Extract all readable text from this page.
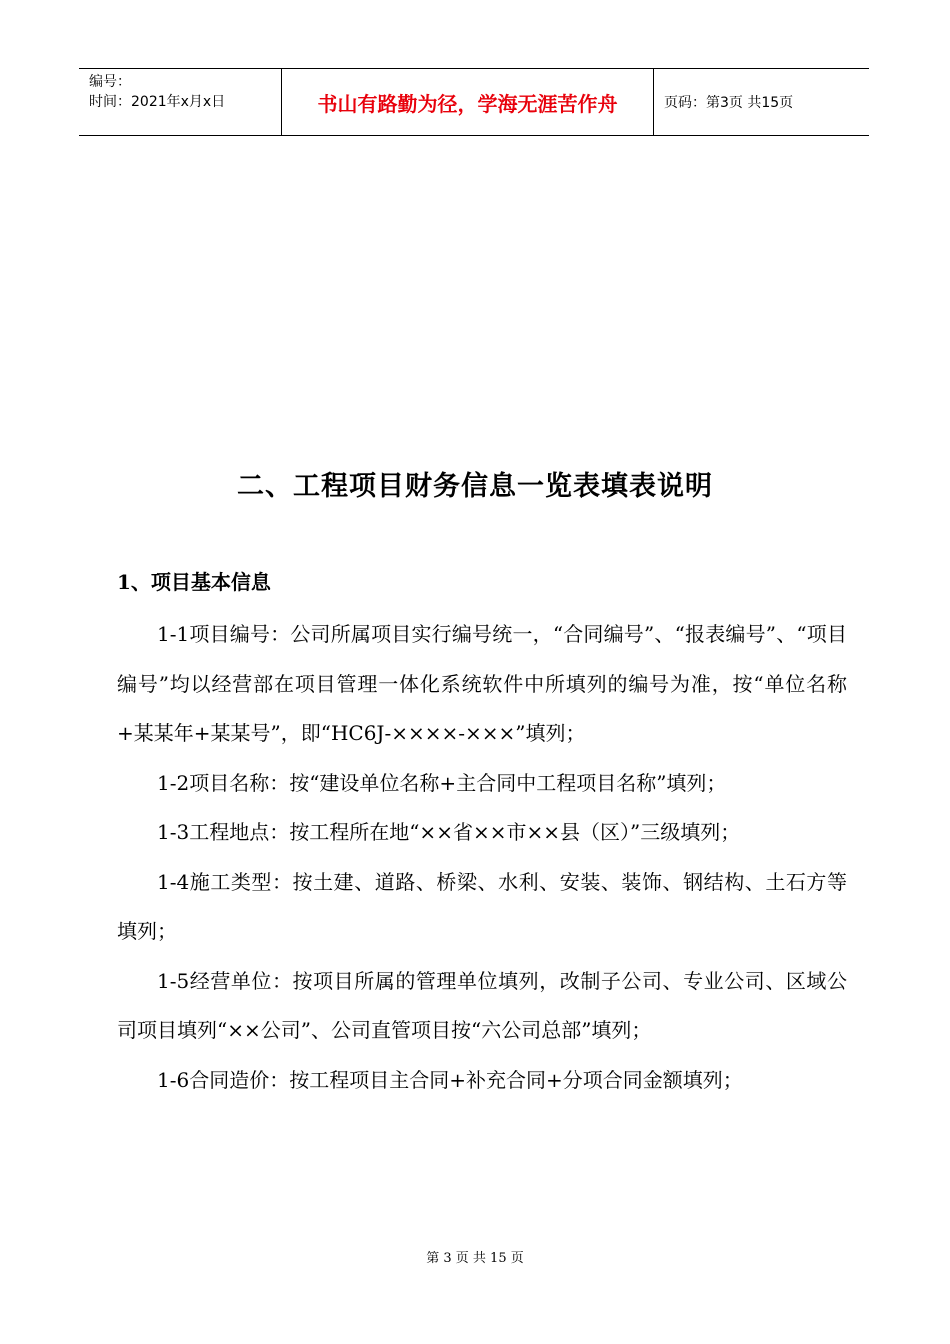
编号：
时间：2021年x月x日	书山有路勤为径，学海无涯苦作舟	页码：第3页 共15页
二、工程项目财务信息一览表填表说明
1、项目基本信息

1-1项目编号：公司所属项目实行编号统一，“合同编号”、“报表编号”、“项目编号”均以经营部在项目管理一体化系统软件中所填列的编号为准，按“单位名称+某某年+某某号”，即“HC6J-××××-×××”填列；

1-2项目名称：按“建设单位名称+主合同中工程项目名称”填列；

1-3工程地点：按工程所在地“××省××市××县（区）”三级填列；

1-4施工类型：按土建、道路、桥梁、水利、安装、装饰、钢结构、土石方等填列；

1-5经营单位：按项目所属的管理单位填列，改制子公司、专业公司、区域公司项目填列“××公司”、公司直管项目按“六公司总部”填列；

1-6合同造价：按工程项目主合同+补充合同+分项合同金额填列；

第 3 页 共 15 页
